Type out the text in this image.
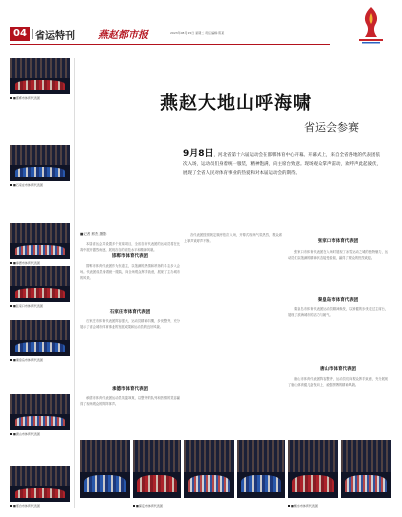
04 省运特刊 燕赵都市报	2023年08月15日 星期二 责任编辑:陈某
■邯郸市体育代表团
■石家庄市体育代表团
■承德市体育代表团
■张家口市体育代表团
■秦皇岛市体育代表团
■唐山市体育代表团
■邢台市体育代表团
燕赵大地山呼海啸
省运会参赛
9月8日，河北省第十六届运动会在邯郸体育中心开幕。开幕式上，来自全省各地的代表团依次入场，运动员们身着统一服装，精神饱满，向主席台致意。现场观众掌声雷动，欢呼声此起彼伏，展现了全省人民对体育事业的热爱和对本届运动会的期待。
■记者 邢杰 摄影

本届省运会共设置多个竞赛项目，全省各市代表团的运动员将在比赛中展开激烈角逐，展现各自的竞技水平和精神风貌。

邯郸市体育代表团

邯郸市体育代表团作为东道主，以饱满的热情和昂扬的斗志步入会场。代表团成员身着统一服装，向全场观众挥手致意，展现了主办城市的风采。

石家庄市体育代表团

石家庄市体育代表团阵容强大，运动员精神抖擞，步伐整齐，充分展示了省会城市体育事业的发展成果和运动员的良好风貌。

承德市体育代表团

承德市体育代表团运动员英姿飒爽，以整齐的队列和热情的笑容赢得了现场观众的阵阵掌声。

各代表团按照规定顺序依次入场，开幕式现场气氛热烈，观众席上掌声欢呼声不断。	张家口市体育代表团

张家口市体育代表团在入场时展现了冰雪运动之城的独特魅力，运动员们以饱满的精神状态接受检阅，赢得了观众的热烈欢迎。

秦皇岛市体育代表团

秦皇岛市体育代表团运动员精神焕发，以矫健的步伐走过主席台，展现了滨海城市的活力与朝气。

唐山市体育代表团

唐山市体育代表团阵容整齐，运动员们向观众挥手致意，充分展现了唐山体育健儿奋发向上、顽强拼搏的精神风貌。

■保定市体育代表团	■衡水市体育代表团
